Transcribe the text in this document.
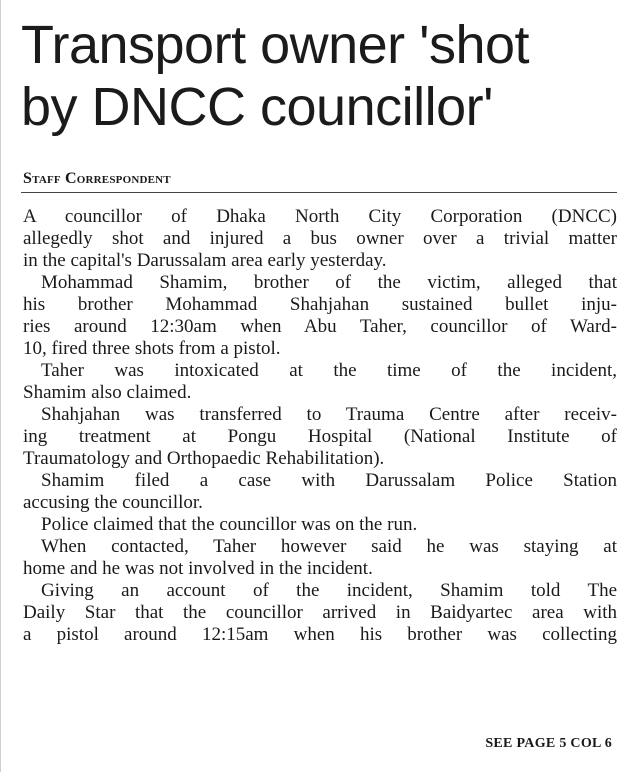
Transport owner 'shot
by DNCC councillor'
Staff Correspondent
A councillor of Dhaka North City Corporation (DNCC)
allegedly shot and injured a bus owner over a trivial matter
in the capital's Darussalam area early yesterday.
Mohammad Shamim, brother of the victim, alleged that
his brother Mohammad Shahjahan sustained bullet inju-
ries around 12:30am when Abu Taher, councillor of Ward-
10, fired three shots from a pistol.
Taher was intoxicated at the time of the incident,
Shamim also claimed.
Shahjahan was transferred to Trauma Centre after receiv-
ing treatment at Pongu Hospital (National Institute of
Traumatology and Orthopaedic Rehabilitation).
Shamim filed a case with Darussalam Police Station
accusing the councillor.
Police claimed that the councillor was on the run.
When contacted, Taher however said he was staying at
home and he was not involved in the incident.
Giving an account of the incident, Shamim told The
Daily Star that the councillor arrived in Baidyartec area with
a pistol around 12:15am when his brother was collecting
SEE PAGE 5 COL 6
